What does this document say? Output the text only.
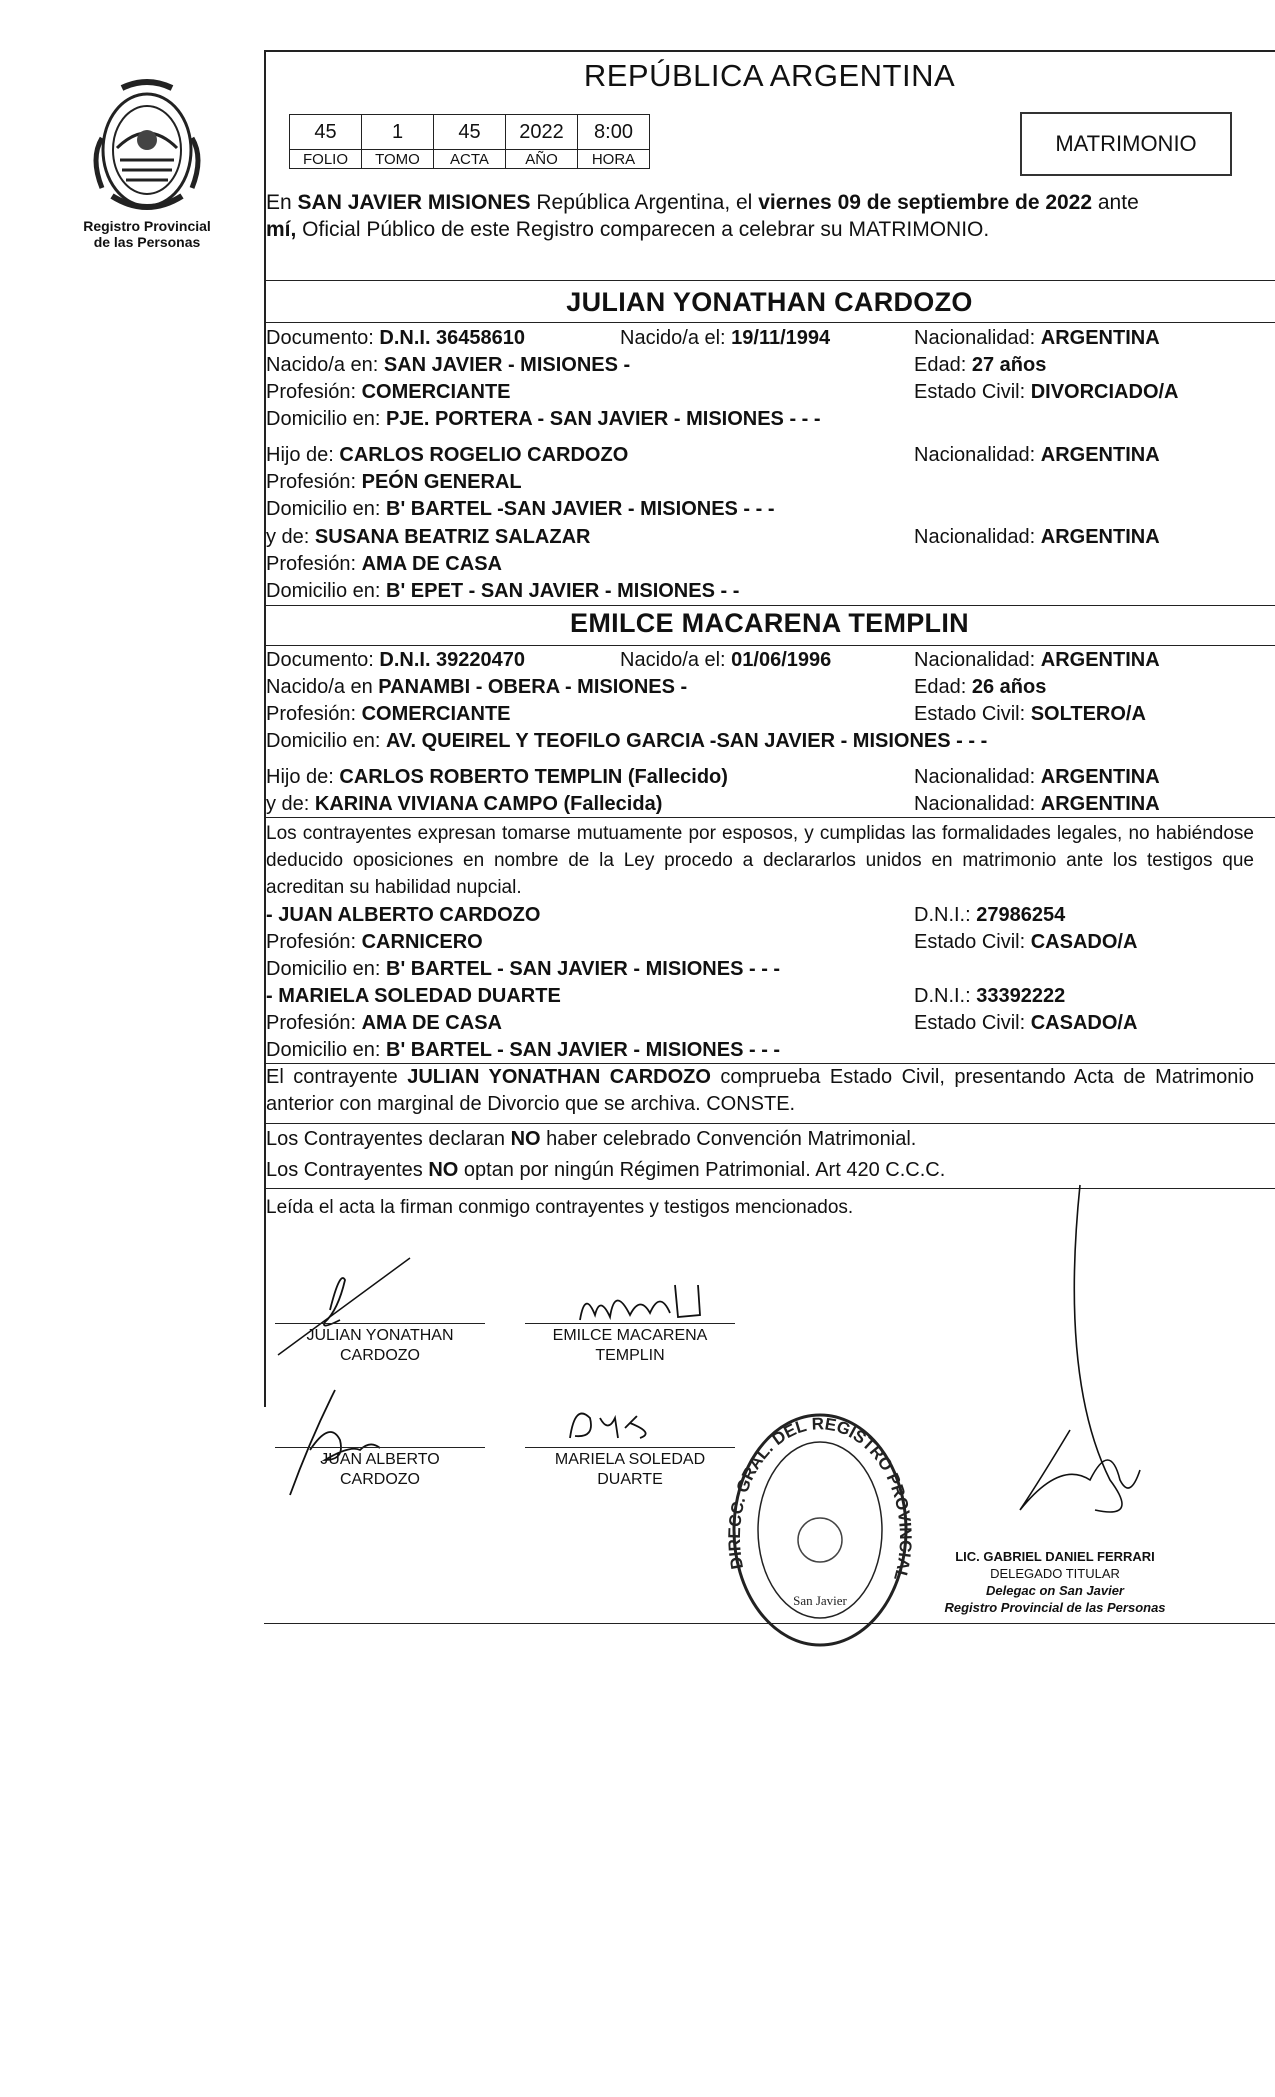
Registro Provincial
de las Personas
REPÚBLICA ARGENTINA
45	1	45	2022	8:00
FOLIO	TOMO	ACTA	AÑO	HORA
MATRIMONIO
En SAN JAVIER MISIONES República Argentina, el viernes 09 de septiembre de 2022 ante
mí, Oficial Público de este Registro comparecen a celebrar su MATRIMONIO.
JULIAN YONATHAN CARDOZO
Documento: D.N.I. 36458610	Nacido/a el: 19/11/1994	Nacionalidad: ARGENTINA
Nacido/a en: SAN JAVIER - MISIONES -	Edad: 27 años
Profesión: COMERCIANTE	Estado Civil: DIVORCIADO/A
Domicilio en: PJE. PORTERA - SAN JAVIER - MISIONES - - -
Hijo de: CARLOS ROGELIO CARDOZO	Nacionalidad: ARGENTINA
Profesión: PEÓN GENERAL
Domicilio en: B' BARTEL -SAN JAVIER - MISIONES - - -
y de: SUSANA BEATRIZ SALAZAR	Nacionalidad: ARGENTINA
Profesión: AMA DE CASA
Domicilio en: B' EPET - SAN JAVIER - MISIONES - -
EMILCE MACARENA TEMPLIN
Documento: D.N.I. 39220470	Nacido/a el: 01/06/1996	Nacionalidad: ARGENTINA
Nacido/a en PANAMBI - OBERA - MISIONES -	Edad: 26 años
Profesión: COMERCIANTE	Estado Civil: SOLTERO/A
Domicilio en: AV. QUEIREL Y TEOFILO GARCIA -SAN JAVIER - MISIONES - - -
Hijo de: CARLOS ROBERTO TEMPLIN (Fallecido)	Nacionalidad: ARGENTINA
y de: KARINA VIVIANA CAMPO (Fallecida)	Nacionalidad: ARGENTINA
Los contrayentes expresan tomarse mutuamente por esposos, y cumplidas las formalidades legales, no habiéndose deducido oposiciones en nombre de la Ley procedo a declararlos unidos en matrimonio ante los testigos que acreditan su habilidad nupcial.
- JUAN ALBERTO CARDOZO	D.N.I.: 27986254
Profesión: CARNICERO	Estado Civil: CASADO/A
Domicilio en: B' BARTEL - SAN JAVIER - MISIONES - - -
- MARIELA SOLEDAD DUARTE	D.N.I.: 33392222
Profesión: AMA DE CASA	Estado Civil: CASADO/A
Domicilio en: B' BARTEL - SAN JAVIER - MISIONES - - -
El contrayente JULIAN YONATHAN CARDOZO comprueba Estado Civil, presentando Acta de Matrimonio anterior con marginal de Divorcio que se archiva. CONSTE.
Los Contrayentes declaran NO haber celebrado Convención Matrimonial.
Los Contrayentes NO optan por ningún Régimen Patrimonial. Art 420 C.C.C.
Leída el acta la firman conmigo contrayentes y testigos mencionados.
JULIAN YONATHAN
CARDOZO
EMILCE MACARENA
TEMPLIN
JUAN ALBERTO
CARDOZO
MARIELA SOLEDAD
DUARTE
DIRECC. GRAL. DEL REGISTRO PROVINCIAL DE LAS PERSONAS
San Javier
LIC. GABRIEL DANIEL FERRARI
DELEGADO TITULAR
Delegac on San Javier
Registro Provincial de las Personas
